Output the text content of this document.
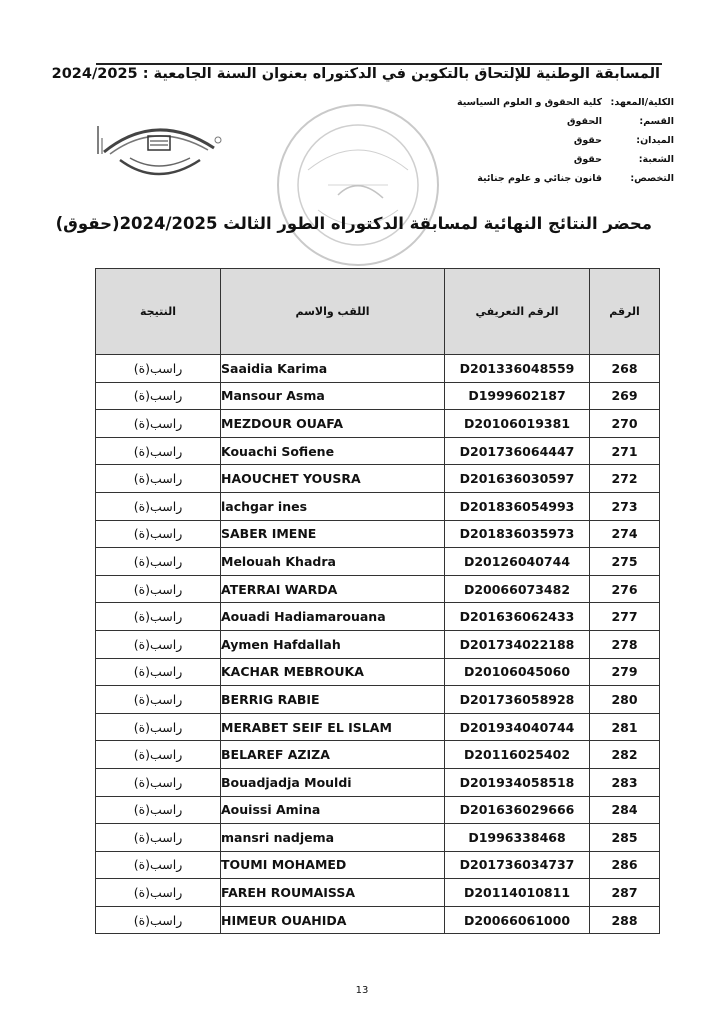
المسابقة الوطنية للإلتحاق بالتكوين في الدكتوراه بعنوان السنة الجامعية : 2024/2025
الكلية/المعهد:
كلية الحقوق و العلوم السياسية
القسم:
الحقوق
الميدان:
حقوق
الشعبة:
حقوق
التخصص:
قانون جنائي و علوم جنائية
محضر النتائج النهائية لمسابقة الدكتوراه الطور الثالث 2024/2025(حقوق)
النتيجة	اللقب والاسم	الرقم التعريفي	الرقم
راسب(ة)	Saaidia Karima	D201336048559	268
راسب(ة)	Mansour Asma	D1999602187	269
راسب(ة)	MEZDOUR OUAFA	D20106019381	270
راسب(ة)	Kouachi Sofiene	D201736064447	271
راسب(ة)	HAOUCHET YOUSRA	D201636030597	272
راسب(ة)	lachgar ines	D201836054993	273
راسب(ة)	SABER IMENE	D201836035973	274
راسب(ة)	Melouah Khadra	D20126040744	275
راسب(ة)	ATERRAI WARDA	D20066073482	276
راسب(ة)	Aouadi Hadiamarouana	D201636062433	277
راسب(ة)	Aymen Hafdallah	D201734022188	278
راسب(ة)	KACHAR MEBROUKA	D20106045060	279
راسب(ة)	BERRIG RABIE	D201736058928	280
راسب(ة)	MERABET SEIF EL ISLAM	D201934040744	281
راسب(ة)	BELAREF AZIZA	D20116025402	282
راسب(ة)	Bouadjadja Mouldi	D201934058518	283
راسب(ة)	Aouissi Amina	D201636029666	284
راسب(ة)	mansri nadjema	D1996338468	285
راسب(ة)	TOUMI MOHAMED	D201736034737	286
راسب(ة)	FAREH ROUMAISSA	D20114010811	287
راسب(ة)	HIMEUR OUAHIDA	D20066061000	288
13
